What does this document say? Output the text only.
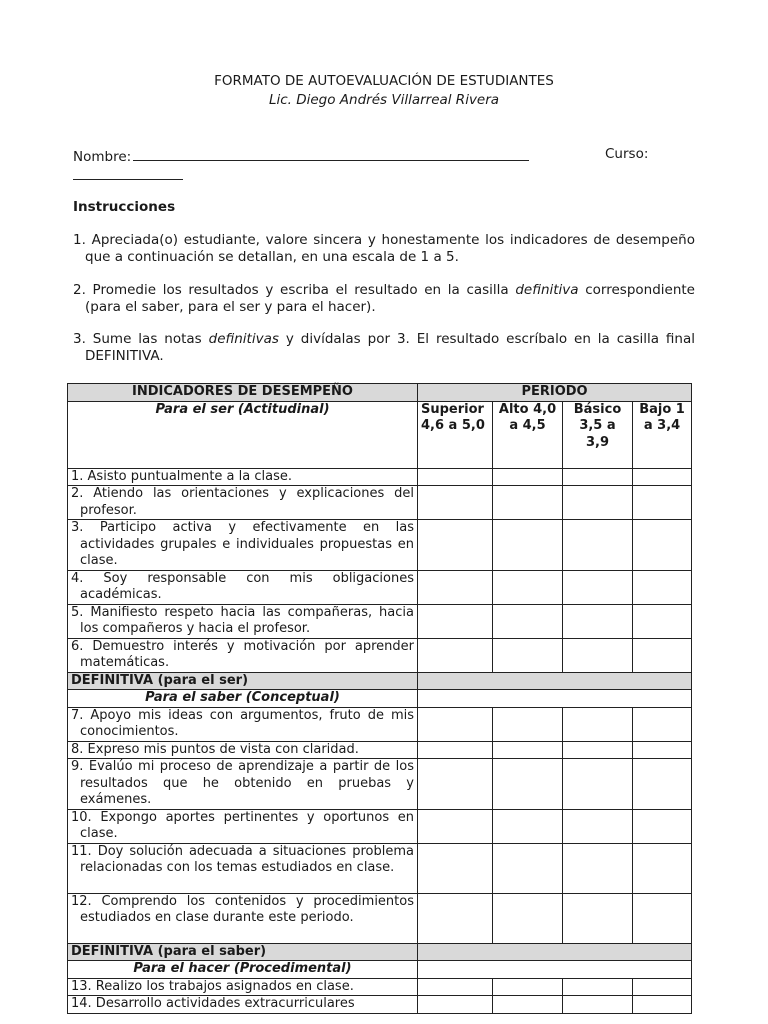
FORMATO DE AUTOEVALUACIÓN DE ESTUDIANTES
Lic. Diego Andrés Villarreal Rivera
Nombre:	Curso:
Instrucciones
1. Apreciada(o) estudiante, valore sincera y honestamente los indicadores de desempeño que a continuación se detallan, en una escala de 1 a 5.
2. Promedie los resultados y escriba el resultado en la casilla definitiva correspondiente (para el saber, para el ser y para el hacer).
3. Sume las notas definitivas y divídalas por 3. El resultado escríbalo en la casilla final DEFINITIVA.
INDICADORES DE DESEMPEÑO	PERIODO			
Para el ser (Actitudinal)	Superior 4,6 a 5,0	Alto 4,0 a 4,5	Básico 3,5 a 3,9	Bajo 1 a 3,4

1. Asisto puntualmente a la clase.				

2. Atiendo las orientaciones y explicaciones del profesor.				

3. Participo activa y efectivamente en las actividades grupales e individuales propuestas en clase.				

4. Soy responsable con mis obligaciones académicas.				

5. Manifiesto respeto hacia las compañeras, hacia los compañeros y hacia el profesor.				

6. Demuestro interés y motivación por aprender matemáticas.				

DEFINITIVA (para el ser)				
Para el saber (Conceptual)				

7. Apoyo mis ideas con argumentos, fruto de mis conocimientos.				

8. Expreso mis puntos de vista con claridad.				

9. Evalúo mi proceso de aprendizaje a partir de los resultados que he obtenido en pruebas y exámenes.				

10. Expongo aportes pertinentes y oportunos en clase.				

11. Doy solución adecuada a situaciones problema relacionadas con los temas estudiados en clase.				

12. Comprendo los contenidos y procedimientos estudiados en clase durante este periodo.				

DEFINITIVA (para el saber)				
Para el hacer (Procedimental)				

13. Realizo los trabajos asignados en clase.				

14. Desarrollo actividades extracurriculares				
